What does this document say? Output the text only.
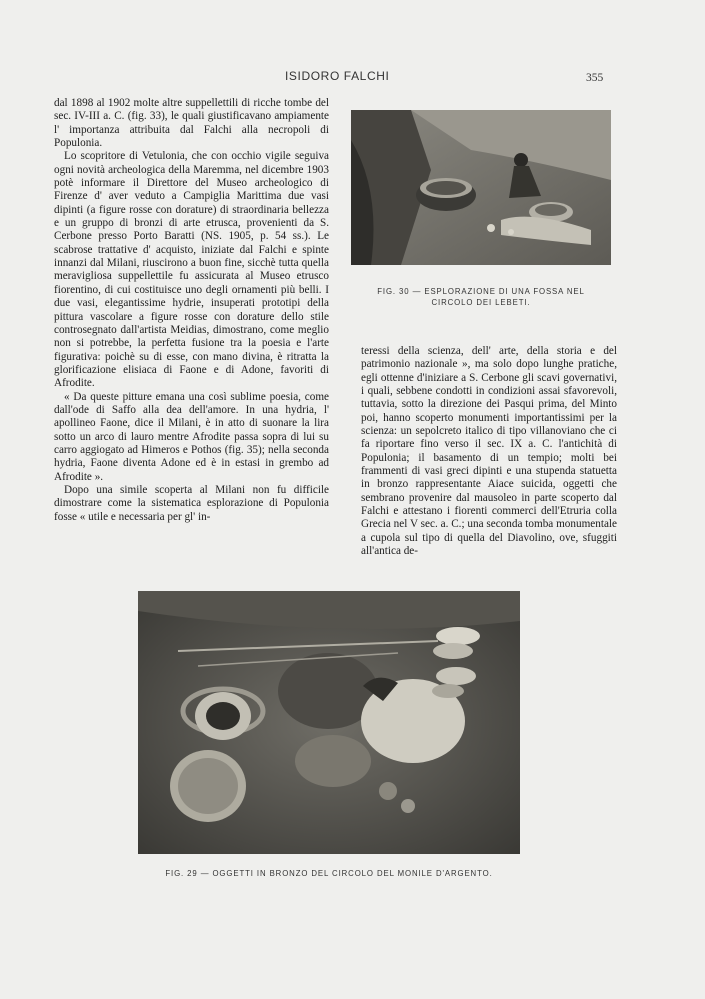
ISIDORO FALCHI	355

dal 1898 al 1902 molte altre suppellettili di ricche tombe del sec. IV-III a. C. (fig. 33), le quali giustificavano ampiamente l' importanza attribuita dal Falchi alla necropoli di Populonia.

Lo scopritore di Vetulonia, che con occhio vigile seguiva ogni novità archeologica della Maremma, nel dicembre 1903 potè informare il Direttore del Museo archeologico di Firenze d' aver veduto a Campiglia Marittima due vasi dipinti (a figure rosse con dorature) di straordinaria bellezza e un gruppo di bronzi di arte etrusca, provenienti da S. Cerbone presso Porto Baratti (NS. 1905, p. 54 ss.). Le scabrose trattative d' acquisto, iniziate dal Falchi e spinte innanzi dal Milani, riuscirono a buon fine, sicchè tutta quella meravigliosa suppellettile fu assicurata al Museo etrusco fiorentino, di cui costituisce uno degli ornamenti più belli. I due vasi, elegantissime hydrie, insuperati prototipi della pittura vascolare a figure rosse con dorature dello stile controsegnato dall'artista Meidias, dimostrano, come meglio non si potrebbe, la perfetta fusione tra la poesia e l'arte figurativa: poichè su di esse, con mano divina, è ritratta la glorificazione elisiaca di Faone e di Adone, favoriti di Afrodite.

« Da queste pitture emana una così sublime poesia, come dall'ode di Saffo alla dea dell'amore. In una hydria, l' apollineo Faone, dice il Milani, è in atto di suonare la lira sotto un arco di lauro mentre Afrodite passa sopra di lui su carro aggiogato ad Himeros e Pothos (fig. 35); nella seconda hydria, Faone diventa Adone ed è in estasi in grembo ad Afrodite ».

Dopo una simile scoperta al Milani non fu difficile dimostrare come la sistematica esplorazione di Populonia fosse « utile e necessaria per gl' in-

FIG. 30 — ESPLORAZIONE DI UNA FOSSA NEL CIRCOLO DEI LEBETI.

teressi della scienza, dell' arte, della storia e del patrimonio nazionale », ma solo dopo lunghe pratiche, egli ottenne d'iniziare a S. Cerbone gli scavi governativi, i quali, sebbene condotti in condizioni assai sfavorevoli, tuttavia, sotto la direzione dei Pasqui prima, del Minto poi, hanno scoperto monumenti importantissimi per la scienza: un sepolcreto italico di tipo villanoviano che ci fa riportare fino verso il sec. IX a. C. l'antichità di Populonia; il basamento di un tempio; molti bei frammenti di vasi greci dipinti e una stupenda statuetta in bronzo rappresentante Aiace suicida, oggetti che sembrano provenire dal mausoleo in parte scoperto dal Falchi e attestano i fiorenti commerci dell'Etruria colla Grecia nel V sec. a. C.; una seconda tomba monumentale a cupola sul tipo di quella del Diavolino, ove, sfuggiti all'antica de-

FIG. 29 — OGGETTI IN BRONZO DEL CIRCOLO DEL MONILE D'ARGENTO.
